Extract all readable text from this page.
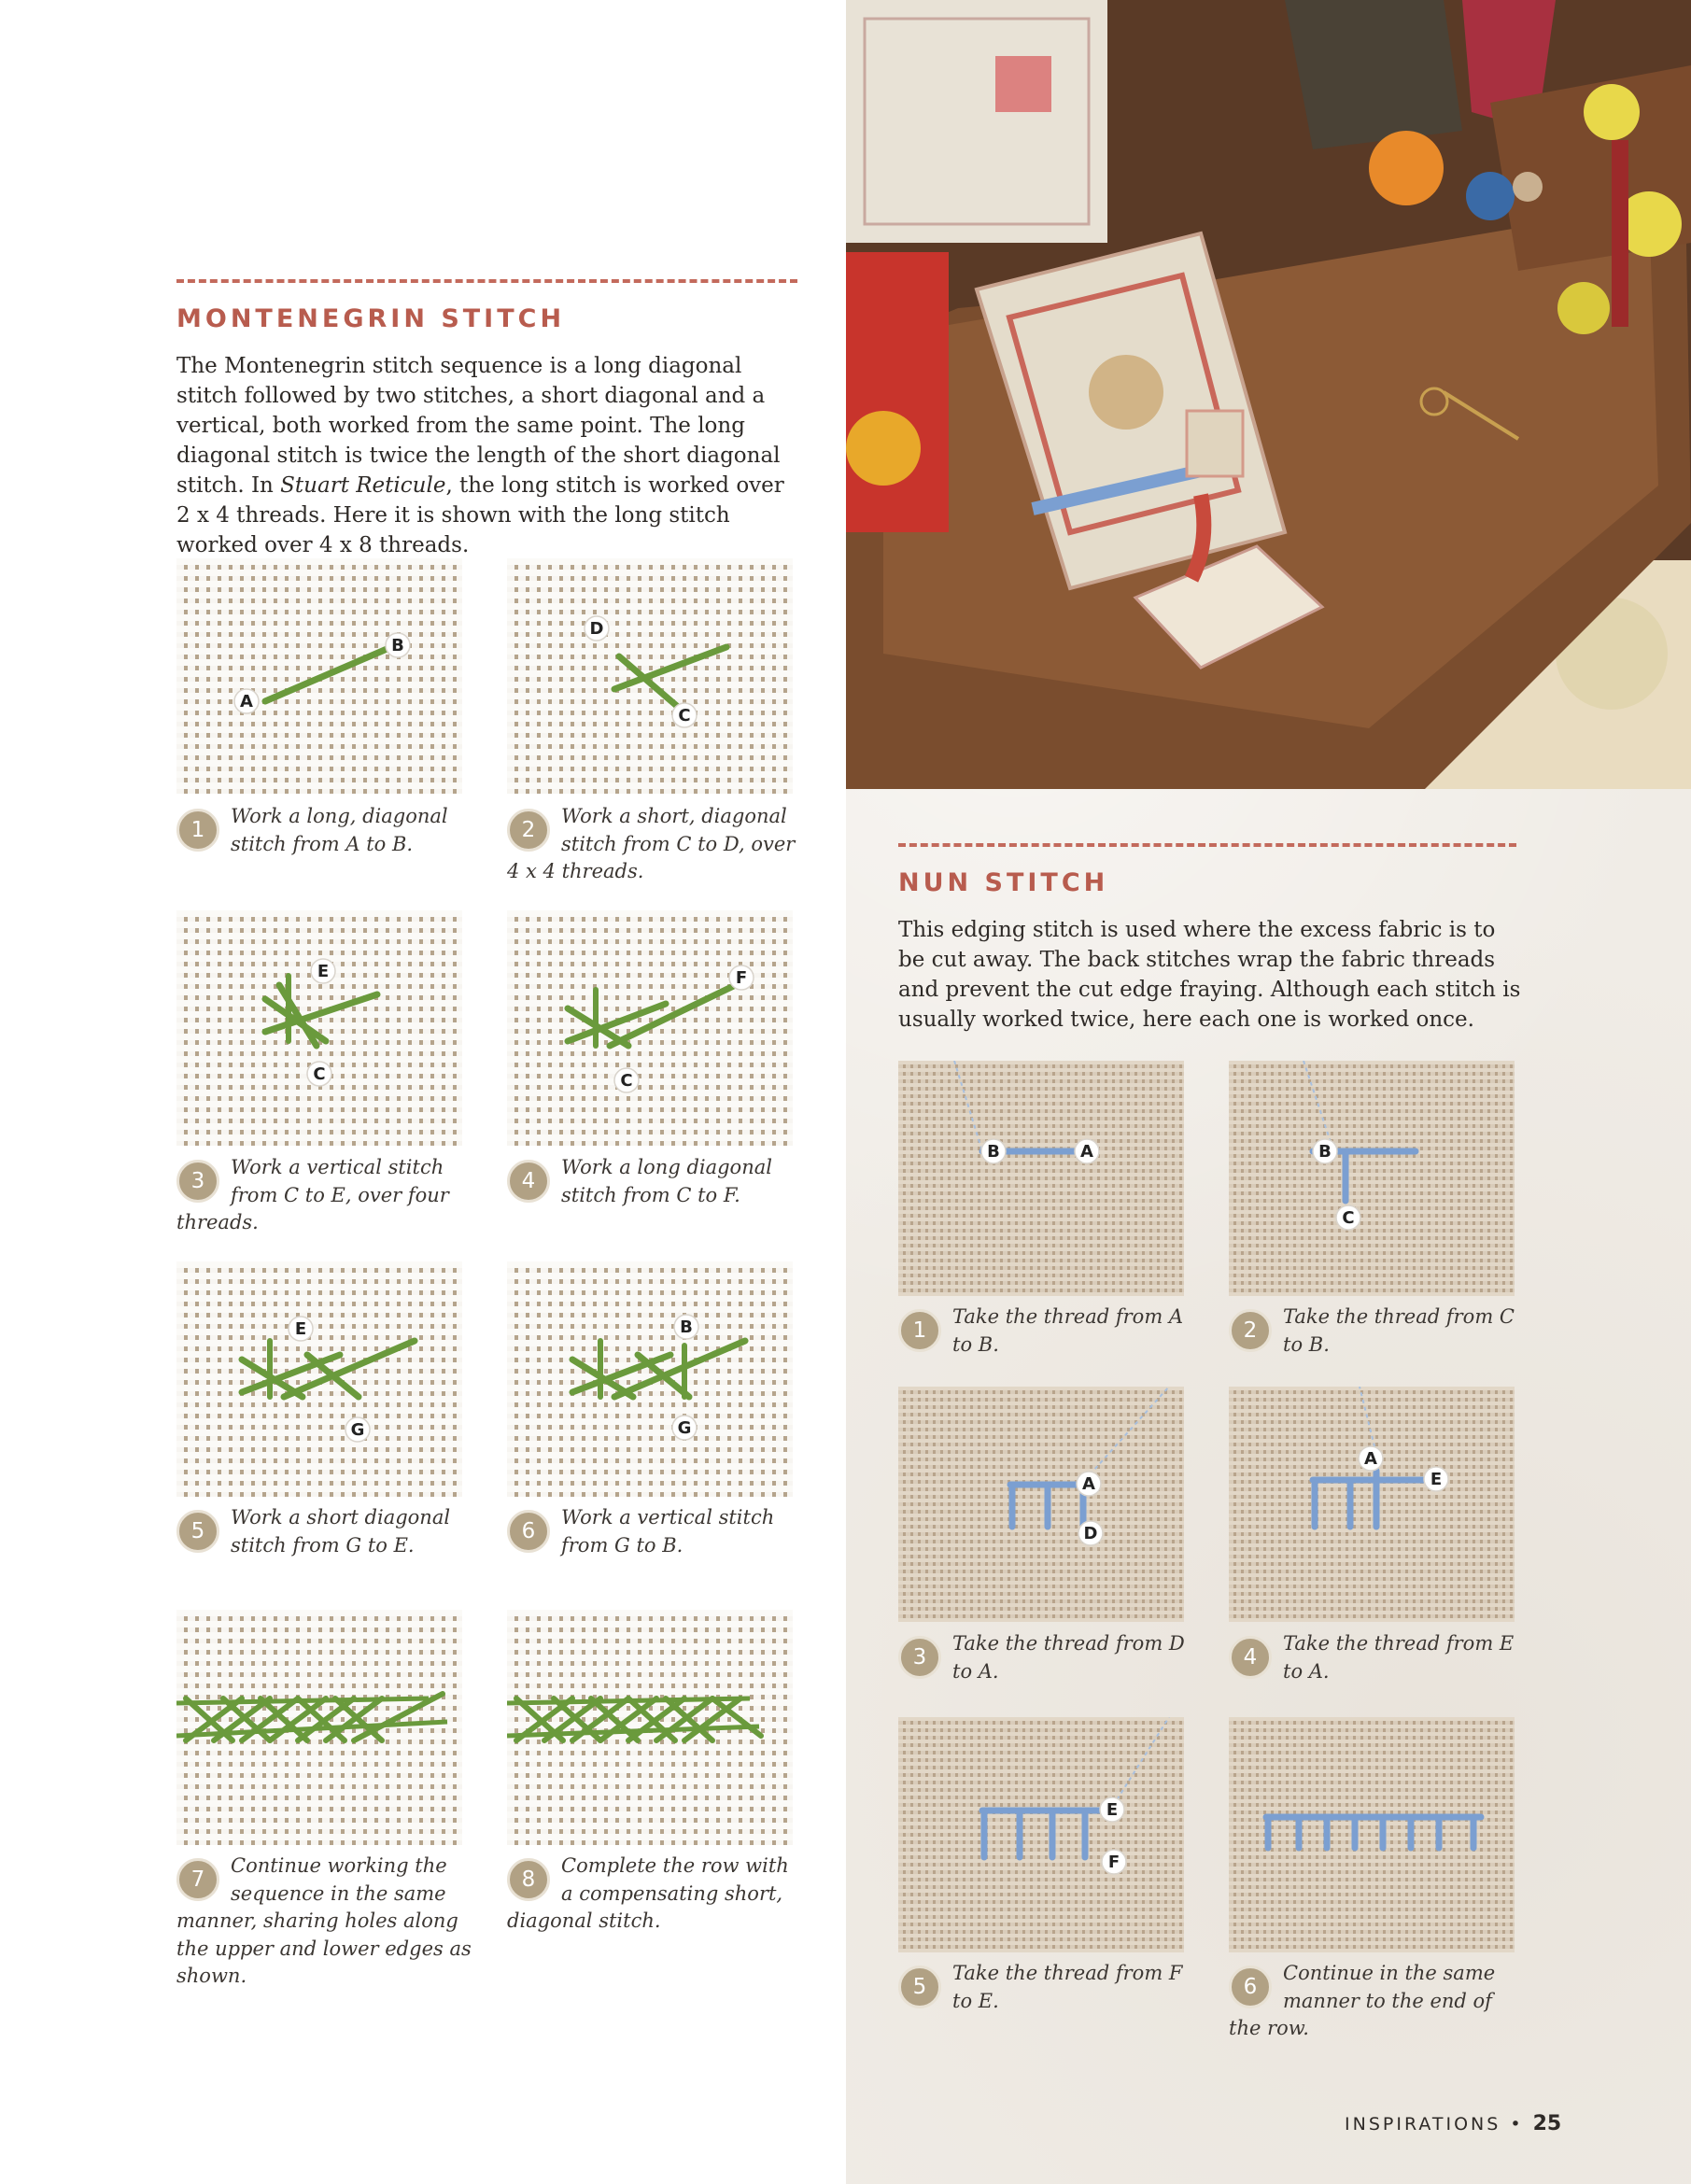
MONTENEGRIN STITCH
The Montenegrin stitch sequence is a long diagonal stitch followed by two stitches, a short diagonal and a vertical, both worked from the same point. The long diagonal stitch is twice the length of the short diagonal stitch. In Stuart Reticule, the long stitch is worked over 2 x 4 threads. Here it is shown with the long stitch worked over 4 x 8 threads.
A
B
D
C
E
C
F
C
E
G
B
G
1
Work a long, diagonal stitch from A to B.
2
Work a short, diagonal stitch from C to D, over 4 x 4 threads.
3
Work a vertical stitch from C to E, over four threads.
4
Work a long diagonal stitch from C to F.
5
Work a short diagonal stitch from G to E.
6
Work a vertical stitch from G to B.
7
Continue working the sequence in the same manner, sharing holes along the upper and lower edges as shown.
8
Complete the row with a compensating short, diagonal stitch.
NUN STITCH
This edging stitch is used where the excess fabric is to be cut away. The back stitches wrap the fabric threads and prevent the cut edge fraying. Although each stitch is usually worked twice, here each one is worked once.
B	A	B
C
A
D
A
E
E
F
1
Take the thread from A to B.
2
Take the thread from C to B.
3
Take the thread from D to A.
4
Take the thread from E to A.
5
Take the thread from F to E.
6
Continue in the same manner to the end of the row.
INSPIRATIONS • 25
